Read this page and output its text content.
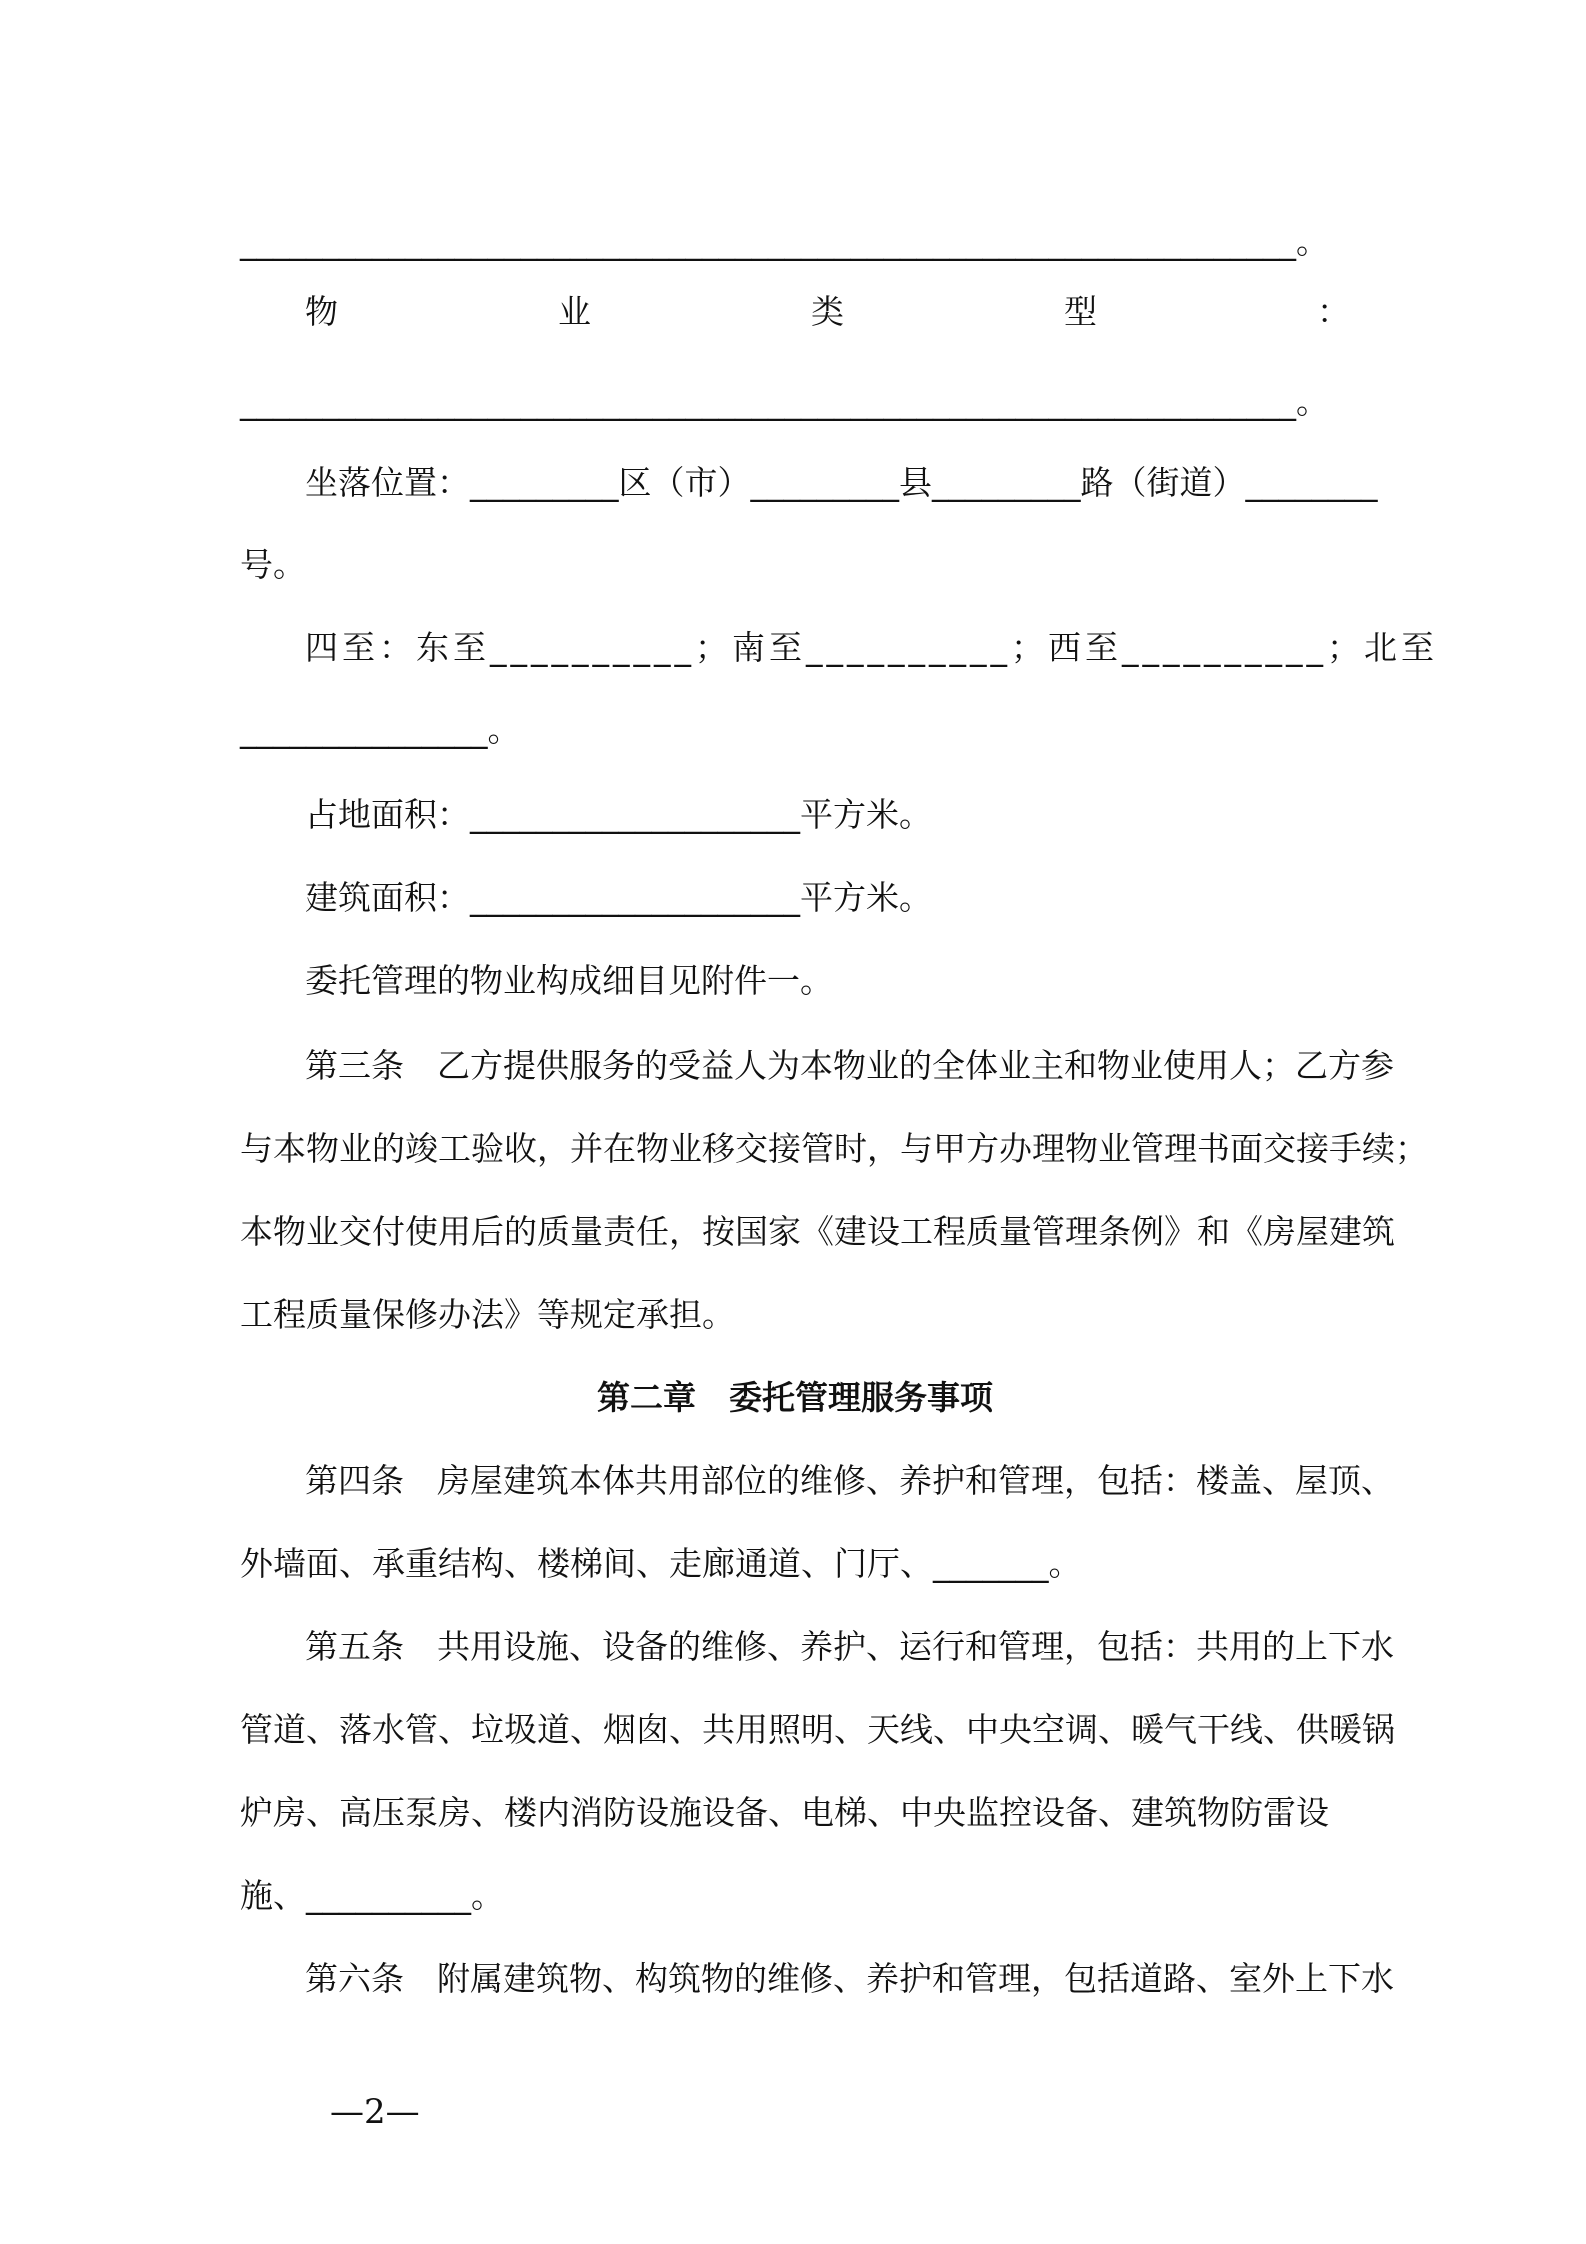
________________________________________________________________。
物	业	类	型	：
________________________________________________________________。
坐落位置：_________区（市）_________县_________路（街道）________
号。
四至：东至__________；南至__________；西至__________；北至
_______________。
占地面积：____________________平方米。
建筑面积：____________________平方米。
委托管理的物业构成细目见附件一。
第三条　乙方提供服务的受益人为本物业的全体业主和物业使用人；乙方参
与本物业的竣工验收，并在物业移交接管时，与甲方办理物业管理书面交接手续；
本物业交付使用后的质量责任，按国家《建设工程质量管理条例》和《房屋建筑
工程质量保修办法》等规定承担。
第二章　委托管理服务事项
第四条　房屋建筑本体共用部位的维修、养护和管理，包括：楼盖、屋顶、
外墙面、承重结构、楼梯间、走廊通道、门厅、_______。
第五条　共用设施、设备的维修、养护、运行和管理，包括：共用的上下水
管道、落水管、垃圾道、烟囱、共用照明、天线、中央空调、暖气干线、供暖锅
炉房、高压泵房、楼内消防设施设备、电梯、中央监控设备、建筑物防雷设
施、__________。
第六条　附属建筑物、构筑物的维修、养护和管理，包括道路、室外上下水
—2—
